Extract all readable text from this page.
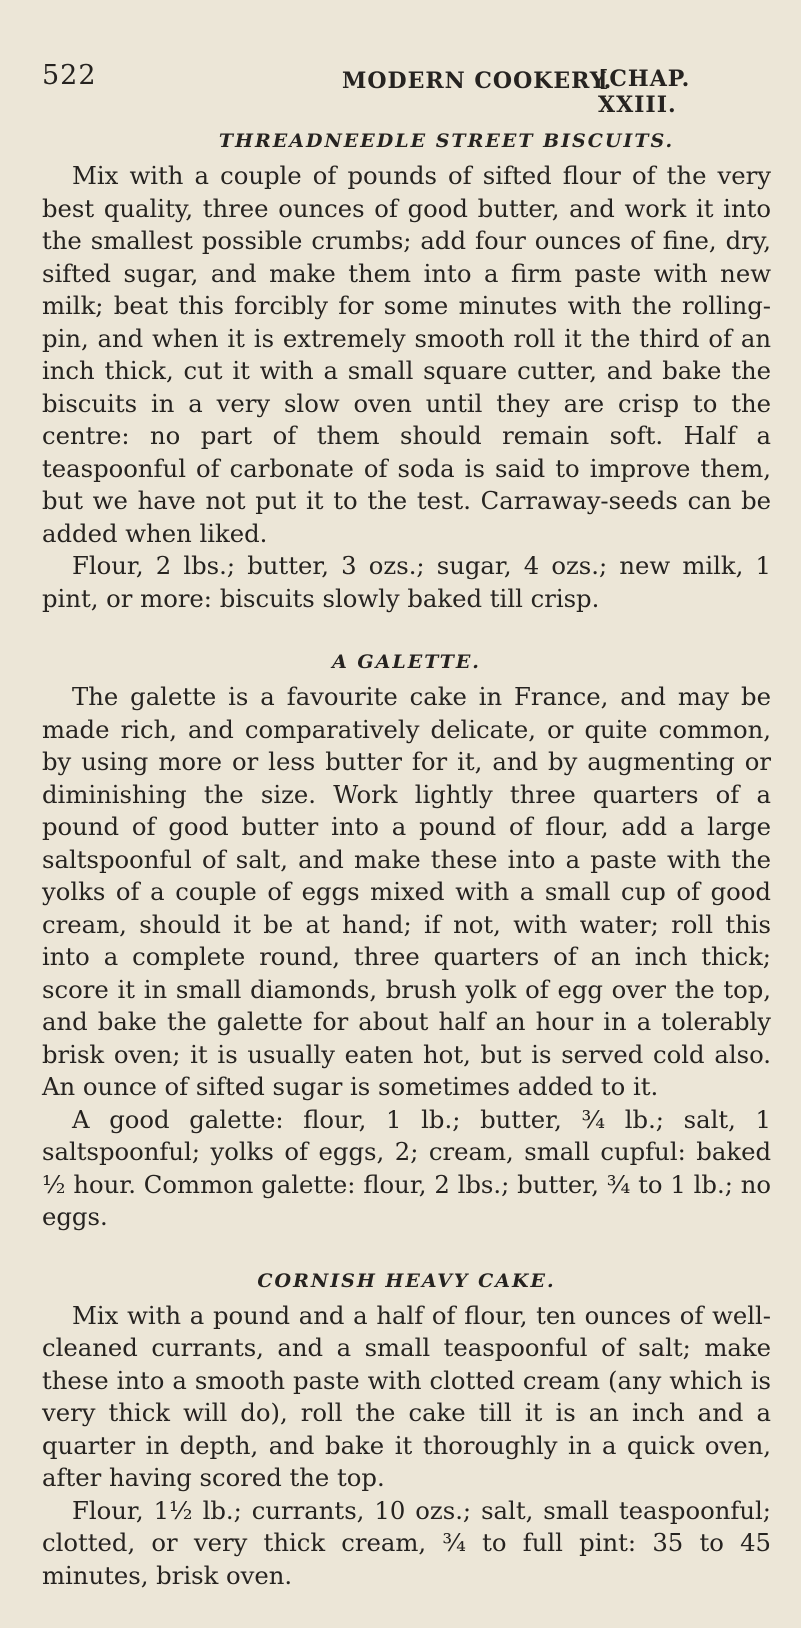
522	MODERN COOKERY.
[CHAP. XXIII.
THREADNEEDLE STREET BISCUITS.

Mix with a couple of pounds of sifted flour of the very best quality, three ounces of good butter, and work it into the smallest possible crumbs; add four ounces of fine, dry, sifted sugar, and make them into a firm paste with new milk; beat this forcibly for some minutes with the rolling-pin, and when it is extremely smooth roll it the third of an inch thick, cut it with a small square cutter, and bake the biscuits in a very slow oven until they are crisp to the centre: no part of them should remain soft. Half a teaspoonful of carbonate of soda is said to improve them, but we have not put it to the test. Carraway-seeds can be added when liked.

Flour, 2 lbs.; butter, 3 ozs.; sugar, 4 ozs.; new milk, 1 pint, or more: biscuits slowly baked till crisp.

A GALETTE.

The galette is a favourite cake in France, and may be made rich, and comparatively delicate, or quite common, by using more or less butter for it, and by augmenting or diminishing the size. Work lightly three quarters of a pound of good butter into a pound of flour, add a large saltspoonful of salt, and make these into a paste with the yolks of a couple of eggs mixed with a small cup of good cream, should it be at hand; if not, with water; roll this into a complete round, three quarters of an inch thick; score it in small diamonds, brush yolk of egg over the top, and bake the galette for about half an hour in a tolerably brisk oven; it is usually eaten hot, but is served cold also. An ounce of sifted sugar is sometimes added to it.

A good galette: flour, 1 lb.; butter, ¾ lb.; salt, 1 saltspoonful; yolks of eggs, 2; cream, small cupful: baked ½ hour. Common galette: flour, 2 lbs.; butter, ¾ to 1 lb.; no eggs.

CORNISH HEAVY CAKE.

Mix with a pound and a half of flour, ten ounces of well-cleaned currants, and a small teaspoonful of salt; make these into a smooth paste with clotted cream (any which is very thick will do), roll the cake till it is an inch and a quarter in depth, and bake it thoroughly in a quick oven, after having scored the top.

Flour, 1½ lb.; currants, 10 ozs.; salt, small teaspoonful; clotted, or very thick cream, ¾ to full pint: 35 to 45 minutes, brisk oven.
